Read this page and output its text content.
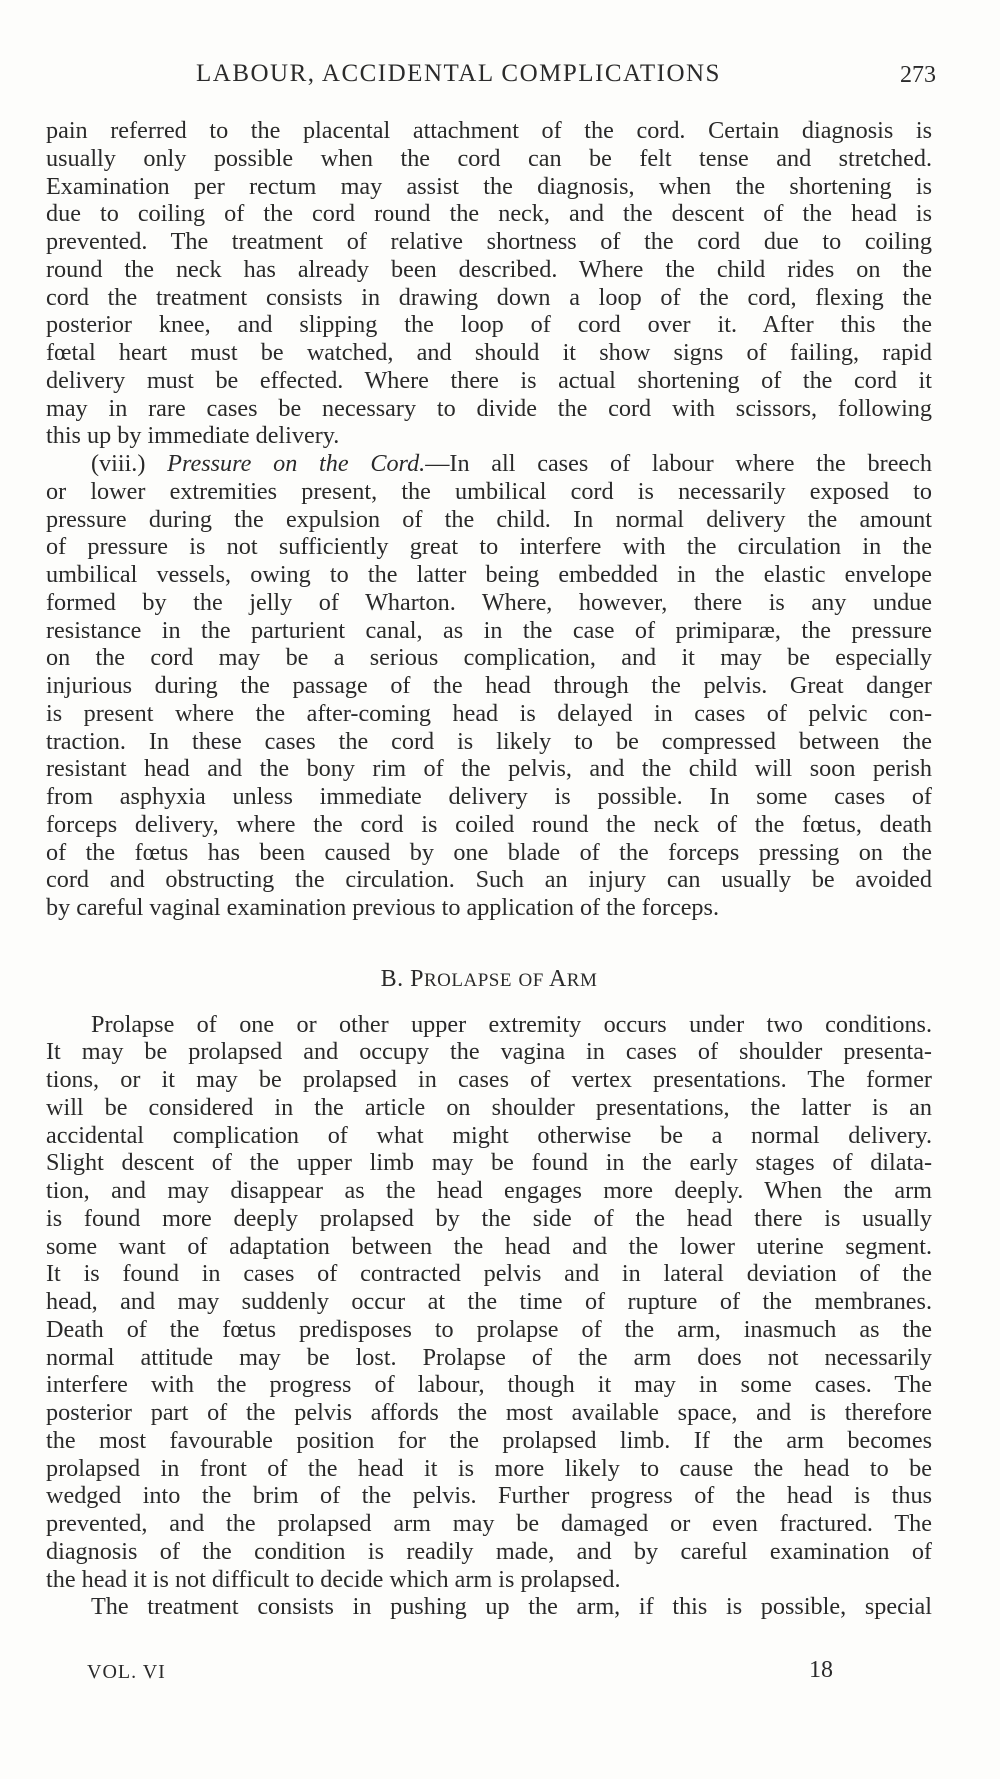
LABOUR, ACCIDENTAL COMPLICATIONS	273
pain referred to the placental attachment of the cord. Certain diagnosis is
usually only possible when the cord can be felt tense and stretched.
Examination per rectum may assist the diagnosis, when the shortening is
due to coiling of the cord round the neck, and the descent of the head is
prevented. The treatment of relative shortness of the cord due to coiling
round the neck has already been described. Where the child rides on the
cord the treatment consists in drawing down a loop of the cord, flexing the
posterior knee, and slipping the loop of cord over it. After this the
fœtal heart must be watched, and should it show signs of failing, rapid
delivery must be effected. Where there is actual shortening of the cord it
may in rare cases be necessary to divide the cord with scissors, following
this up by immediate delivery.
(viii.) Pressure on the Cord.—In all cases of labour where the breech
or lower extremities present, the umbilical cord is necessarily exposed to
pressure during the expulsion of the child. In normal delivery the amount
of pressure is not sufficiently great to interfere with the circulation in the
umbilical vessels, owing to the latter being embedded in the elastic envelope
formed by the jelly of Wharton. Where, however, there is any undue
resistance in the parturient canal, as in the case of primiparæ, the pressure
on the cord may be a serious complication, and it may be especially
injurious during the passage of the head through the pelvis. Great danger
is present where the after-coming head is delayed in cases of pelvic con-
traction. In these cases the cord is likely to be compressed between the
resistant head and the bony rim of the pelvis, and the child will soon perish
from asphyxia unless immediate delivery is possible. In some cases of
forceps delivery, where the cord is coiled round the neck of the fœtus, death
of the fœtus has been caused by one blade of the forceps pressing on the
cord and obstructing the circulation. Such an injury can usually be avoided
by careful vaginal examination previous to application of the forceps.
B. PROLAPSE OF ARM
Prolapse of one or other upper extremity occurs under two conditions.
It may be prolapsed and occupy the vagina in cases of shoulder presenta-
tions, or it may be prolapsed in cases of vertex presentations. The former
will be considered in the article on shoulder presentations, the latter is an
accidental complication of what might otherwise be a normal delivery.
Slight descent of the upper limb may be found in the early stages of dilata-
tion, and may disappear as the head engages more deeply. When the arm
is found more deeply prolapsed by the side of the head there is usually
some want of adaptation between the head and the lower uterine segment.
It is found in cases of contracted pelvis and in lateral deviation of the
head, and may suddenly occur at the time of rupture of the membranes.
Death of the fœtus predisposes to prolapse of the arm, inasmuch as the
normal attitude may be lost. Prolapse of the arm does not necessarily
interfere with the progress of labour, though it may in some cases. The
posterior part of the pelvis affords the most available space, and is therefore
the most favourable position for the prolapsed limb. If the arm becomes
prolapsed in front of the head it is more likely to cause the head to be
wedged into the brim of the pelvis. Further progress of the head is thus
prevented, and the prolapsed arm may be damaged or even fractured. The
diagnosis of the condition is readily made, and by careful examination of
the head it is not difficult to decide which arm is prolapsed.
The treatment consists in pushing up the arm, if this is possible, special
VOL. VI	18
